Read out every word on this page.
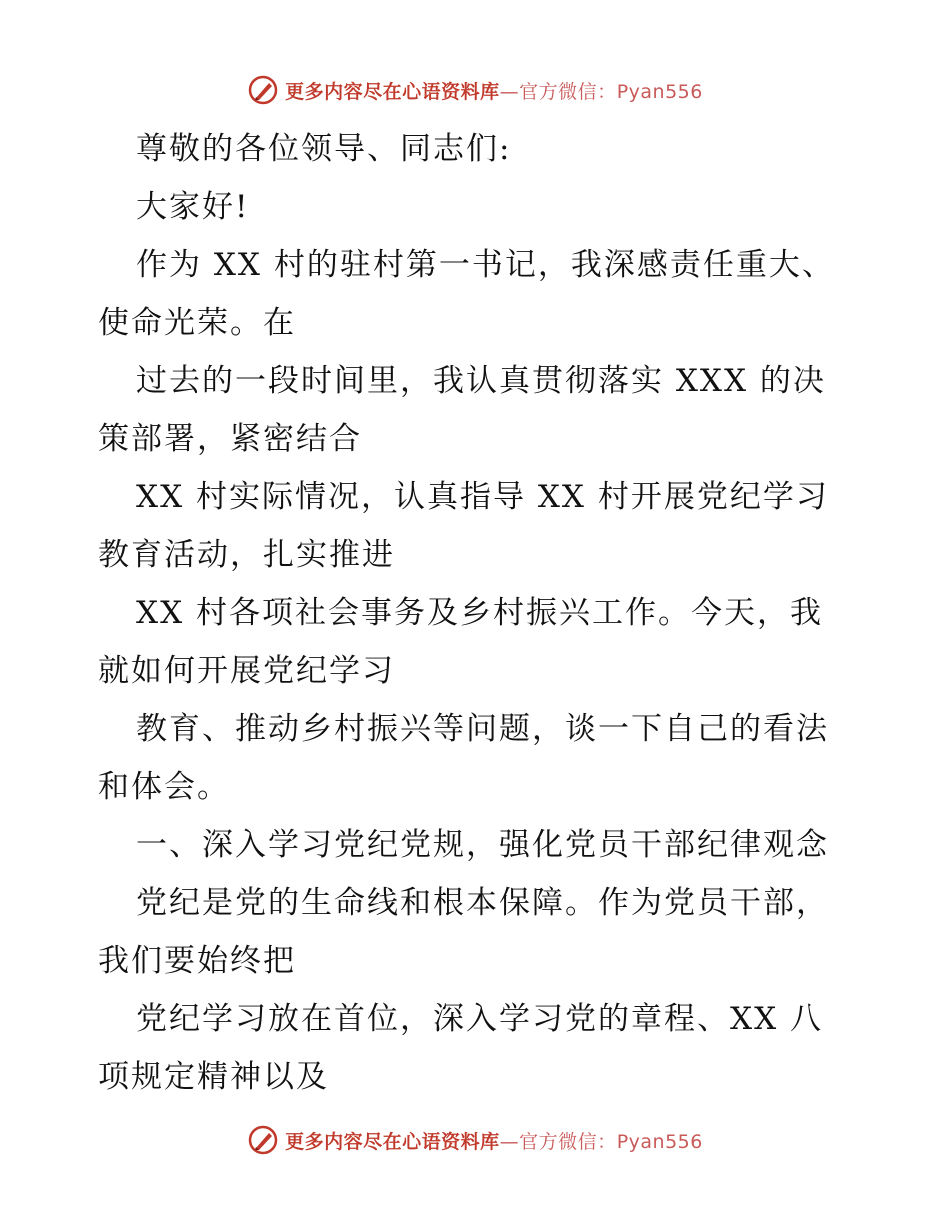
更多内容尽在心语资料库—官方微信：Pyan556
尊敬的各位领导、同志们:
大家好!
作为 XX 村的驻村第一书记，我深感责任重大、
使命光荣。在
过去的一段时间里，我认真贯彻落实 XXX 的决
策部署，紧密结合
XX 村实际情况，认真指导 XX 村开展党纪学习
教育活动，扎实推进
XX 村各项社会事务及乡村振兴工作。今天，我
就如何开展党纪学习
教育、推动乡村振兴等问题，谈一下自己的看法
和体会。
一、深入学习党纪党规，强化党员干部纪律观念
党纪是党的生命线和根本保障。作为党员干部，
我们要始终把
党纪学习放在首位，深入学习党的章程、XX 八
项规定精神以及
更多内容尽在心语资料库—官方微信：Pyan556
